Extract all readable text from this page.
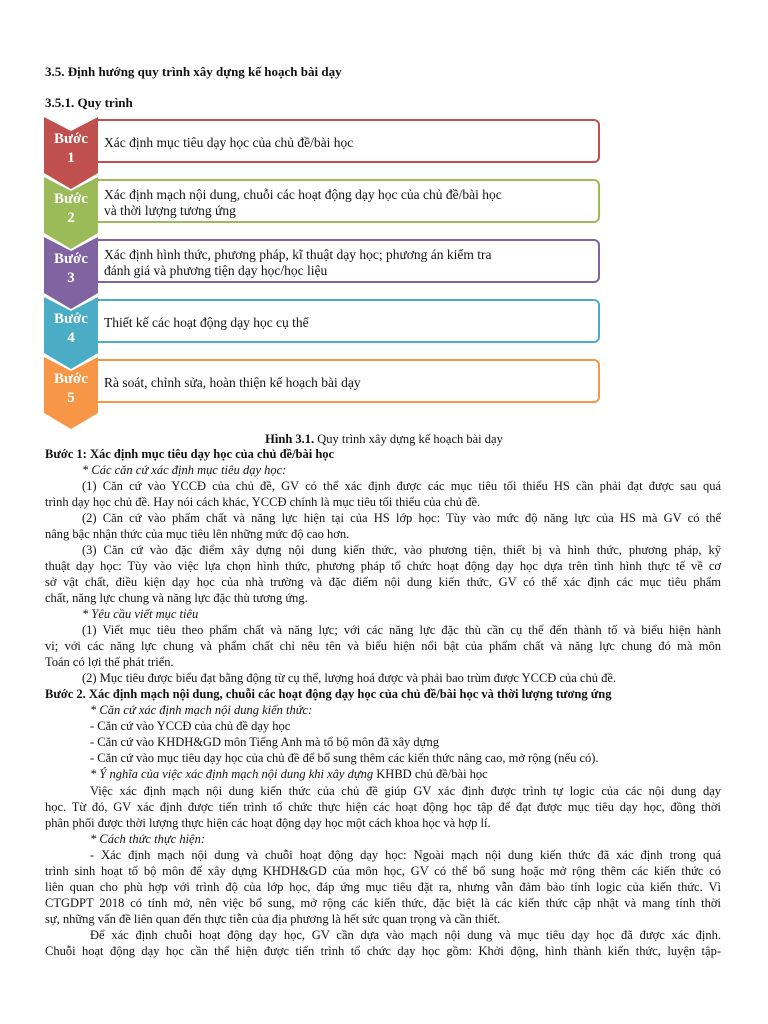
3.5. Định hướng quy trình xây dựng kế hoạch bài dạy
3.5.1. Quy trình
Xác định mục tiêu dạy học của chủ đề/bài học
Bước
1
Xác định mạch nội dung, chuỗi các hoạt động dạy học của chủ đề/bài học
và thời lượng tương ứng
Bước
2
Xác định hình thức, phương pháp, kĩ thuật dạy học; phương án kiểm tra
đánh giá và phương tiện dạy học/học liệu
Bước
3
Thiết kế các hoạt động dạy học cụ thể
Bước
4
Rà soát, chỉnh sửa, hoàn thiện kế hoạch bài dạy
Bước
5
Hình 3.1. Quy trình xây dựng kế hoạch bài dạy
Bước 1: Xác định mục tiêu dạy học của chủ đề/bài học
* Các căn cứ xác định mục tiêu dạy học:
(1) Căn cứ vào YCCĐ của chủ đề, GV có thể xác định được các mục tiêu tối thiểu HS cần phải đạt được sau quá
trình dạy học chủ đề. Hay nói cách khác, YCCĐ chính là mục tiêu tối thiểu của chủ đề.
(2) Căn cứ vào phẩm chất và năng lực hiện tại của HS lớp học: Tùy vào mức độ năng lực của HS mà GV có thể
nâng bậc nhận thức của mục tiêu lên những mức độ cao hơn.
(3) Căn cứ vào đặc điểm xây dựng nội dung kiến thức, vào phương tiện, thiết bị và hình thức, phương pháp, kỹ
thuật dạy học: Tùy vào việc lựa chọn hình thức, phương pháp tổ chức hoạt động dạy học dựa trên tình hình thực tế về cơ
sở vật chất, điều kiện dạy học của nhà trường và đặc điểm nội dung kiến thức, GV có thể xác định các mục tiêu phẩm
chất, năng lực chung và năng lực đặc thù tương ứng.
* Yêu cầu viết mục tiêu
(1) Viết mục tiêu theo phẩm chất và năng lực; với các năng lực đặc thù cần cụ thể đến thành tố và biểu hiện hành
vi; với các năng lực chung và phẩm chất chỉ nêu tên và biểu hiện nổi bật của phẩm chất và năng lực chung đó mà môn
Toán có lợi thế phát triển.
(2) Mục tiêu được biểu đạt bằng động từ cụ thể, lượng hoá được và phải bao trùm được YCCĐ của chủ đề.
Bước 2. Xác định mạch nội dung, chuỗi các hoạt động dạy học của chủ đề/bài học và thời lượng tương ứng
* Căn cứ xác định mạch nội dung kiến thức:
- Căn cứ vào YCCĐ của chủ đề dạy học
- Căn cứ vào KHDH&GD môn Tiếng Anh mà tổ bộ môn đã xây dựng
- Căn cứ vào mục tiêu dạy học của chủ đề để bổ sung thêm các kiến thức nâng cao, mở rộng (nếu có).
* Ý nghĩa của việc xác định mạch nội dung khi xây dựng KHBD chủ đề/bài học
Việc xác định mạch nội dung kiến thức của chủ đề giúp GV xác định được trình tự logic của các nội dung dạy
học. Từ đó, GV xác định được tiến trình tổ chức thực hiện các hoạt động học tập để đạt được mục tiêu dạy học, đồng thời
phân phối được thời lượng thực hiện các hoạt động dạy học một cách khoa học và hợp lí.
* Cách thức thực hiện:
- Xác định mạch nội dung và chuỗi hoạt động dạy học: Ngoài mạch nội dung kiến thức đã xác định trong quá
trình sinh hoạt tổ bộ môn để xây dựng KHDH&GD của môn học, GV có thể bổ sung hoặc mở rộng thêm các kiến thức có
liên quan cho phù hợp với trình độ của lớp học, đáp ứng mục tiêu đặt ra, nhưng vẫn đảm bảo tính logic của kiến thức. Vì
CTGDPT 2018 có tính mở, nên việc bổ sung, mở rộng các kiến thức, đặc biệt là các kiến thức cập nhật và mang tính thời
sự, những vấn đề liên quan đến thực tiễn của địa phương là hết sức quan trọng và cần thiết.
Để xác định chuỗi hoạt động dạy học, GV cần dựa vào mạch nội dung và mục tiêu dạy học đã được xác định.
Chuỗi hoạt động dạy học cần thể hiện được tiến trình tổ chức dạy học gồm: Khởi động, hình thành kiến thức, luyện tập-
